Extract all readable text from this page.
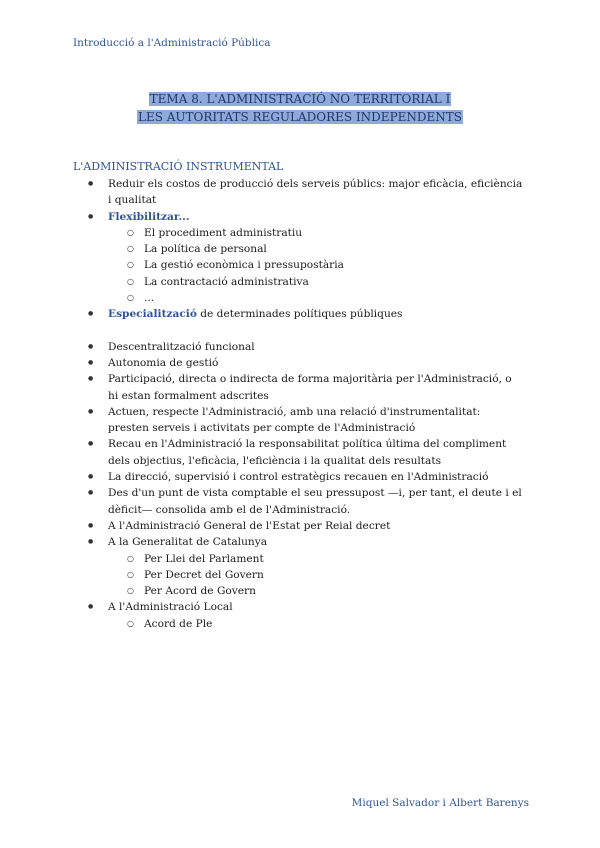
Introducció a l'Administració Pública
TEMA 8. L'ADMINISTRACIÓ NO TERRITORIAL I
LES AUTORITATS REGULADORES INDEPENDENTS
L'ADMINISTRACIÓ INSTRUMENTAL
● Reduir els costos de producció dels serveis públics: major eficàcia, eficiència i qualitat
● Flexibilitzar...
○ El procediment administratiu
○ La política de personal
○ La gestió econòmica i pressupostària
○ La contractació administrativa
○ ...
● Especialització de determinades polítiques públiques
● Descentralització funcional
● Autonomia de gestió
● Participació, directa o indirecta de forma majoritària per l'Administració, o hi estan formalment adscrites
● Actuen, respecte l'Administració, amb una relació d'instrumentalitat: presten serveis i activitats per compte de l'Administració
● Recau en l'Administració la responsabilitat política última del compliment dels objectius, l'eficàcia, l'eficiència i la qualitat dels resultats
● La direcció, supervisió i control estratègics recauen en l'Administració
● Des d'un punt de vista comptable el seu pressupost —i, per tant, el deute i el dèficit— consolida amb el de l'Administració.
● A l'Administració General de l'Estat per Reial decret
● A la Generalitat de Catalunya
○ Per Llei del Parlament
○ Per Decret del Govern
○ Per Acord de Govern
● A l'Administració Local
○ Acord de Ple
Miquel Salvador i Albert Barenys
